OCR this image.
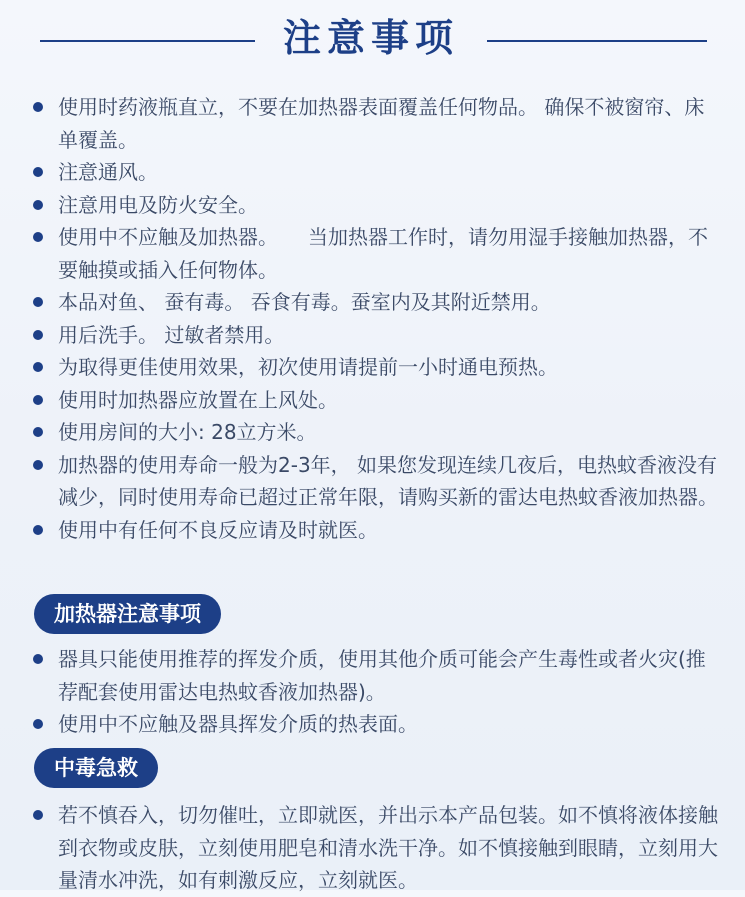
注意事项
使用时药液瓶直立，不要在加热器表面覆盖任何物品。 确保不被窗帘、床单覆盖。
注意通风。
注意用电及防火安全。
使用中不应触及加热器。　　当加热器工作时，请勿用湿手接触加热器，不要触摸或插入任何物体。
本品对鱼、 蚕有毒。 吞食有毒。蚕室内及其附近禁用。
用后洗手。 过敏者禁用。
为取得更佳使用效果，初次使用请提前一小时通电预热。
使用时加热器应放置在上风处。
使用房间的大小: 28立方米。
加热器的使用寿命一般为2-3年， 如果您发现连续几夜后，电热蚊香液没有减少，同时使用寿命已超过正常年限，请购买新的雷达电热蚊香液加热器。
使用中有任何不良反应请及时就医。
加热器注意事项
器具只能使用推荐的挥发介质，使用其他介质可能会产生毒性或者火灾(推荐配套使用雷达电热蚊香液加热器)。
使用中不应触及器具挥发介质的热表面。
中毒急救
若不慎吞入，切勿催吐，立即就医，并出示本产品包装。如不慎将液体接触到衣物或皮肤，立刻使用肥皂和清水洗干净。如不慎接触到眼睛，立刻用大量清水冲洗，如有刺激反应，立刻就医。
